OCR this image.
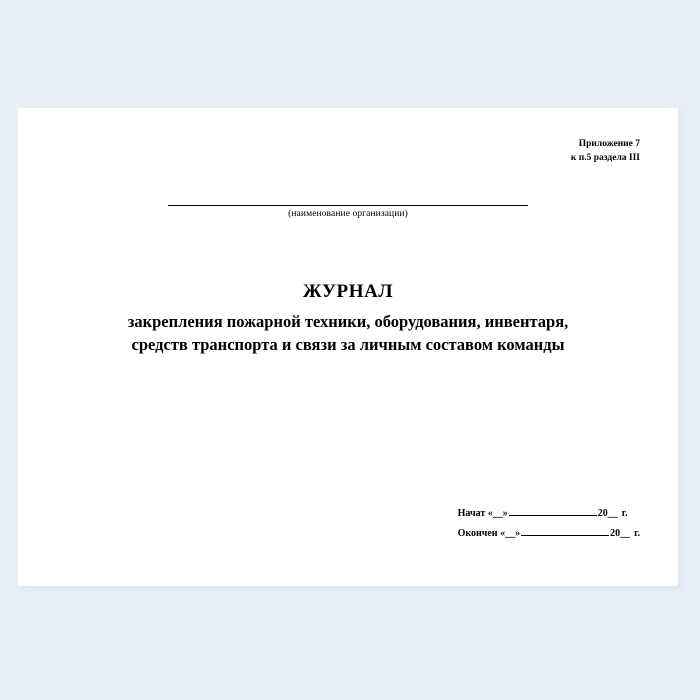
Приложение 7
к п.5 раздела III
(наименование организации)
ЖУРНАЛ
закрепления пожарной техники, оборудования, инвентаря,
средств транспорта и связи за личным составом команды
Начат «__»	20__ г.
Окончен «__»	20__ г.
